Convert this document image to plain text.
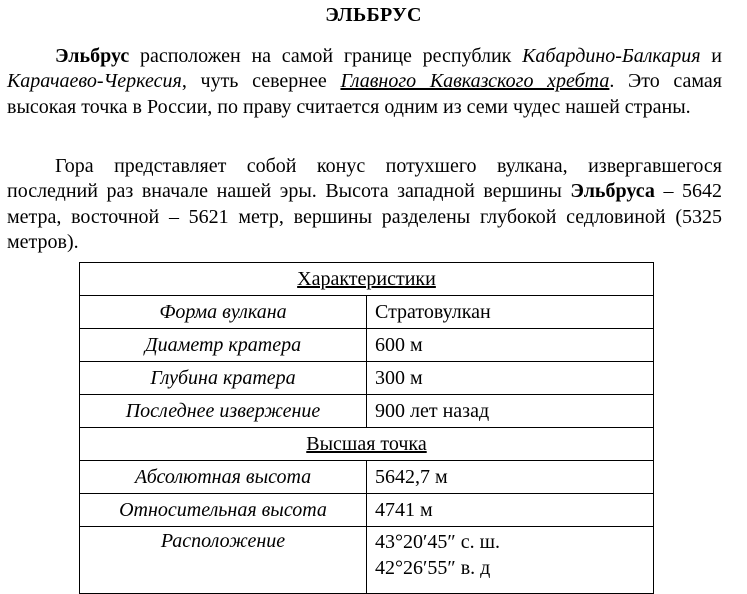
ЭЛЬБРУС
Эльбрус расположен на самой границе республик Кабардино-Балкария и Карачаево-Черкесия, чуть севернее Главного Кавказского хребта. Это самая высокая точка в России, по праву считается одним из семи чудес нашей страны.
Гора представляет собой конус потухшего вулкана, извергавшегося последний раз вначале нашей эры. Высота западной вершины Эльбруса – 5642 метра, восточной – 5621 метр, вершины разделены глубокой седловиной (5325 метров).
Характеристики	
Форма вулкана	Стратовулкан
Диаметр кратера	600 м
Глубина кратера	300 м
Последнее извержение	900 лет назад
Высшая точка	
Абсолютная высота	5642,7 м
Относительная высота	4741 м
Расположение	43°20′45″ с. ш.
42°26′55″ в. д
